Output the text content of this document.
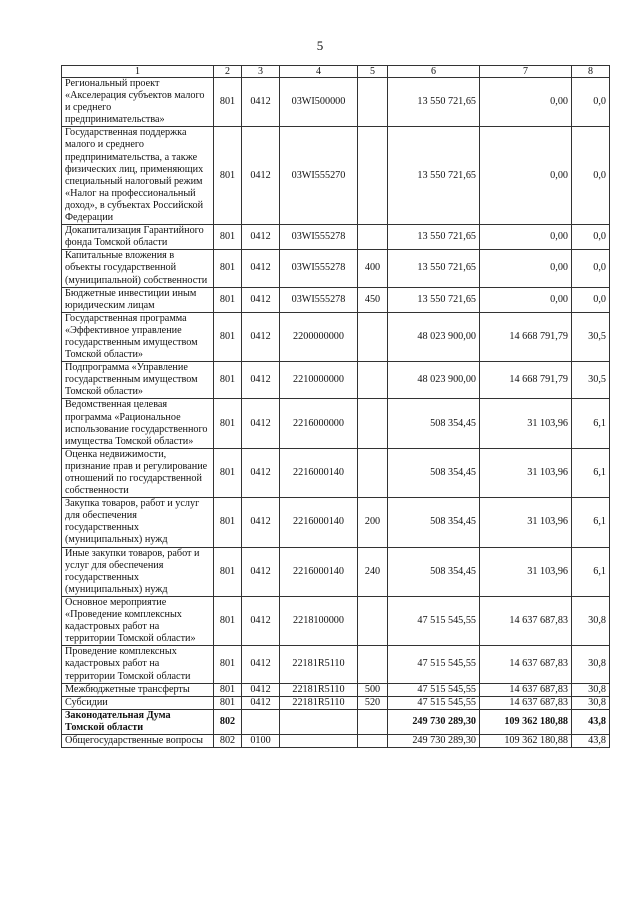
5
1	2	3	4	5	6	7	8
Региональный проект «Акселерация субъектов малого и среднего предпринимательства»	801	0412	03WI500000		13 550 721,65	0,00	0,0
Государственная поддержка малого и среднего предпринимательства, а также физических лиц, применяющих специальный налоговый режим «Налог на профессиональный доход», в субъектах Российской Федерации	801	0412	03WI555270		13 550 721,65	0,00	0,0
Докапитализация Гарантийного фонда Томской области	801	0412	03WI555278		13 550 721,65	0,00	0,0
Капитальные вложения в объекты государственной (муниципальной) собственности	801	0412	03WI555278	400	13 550 721,65	0,00	0,0
Бюджетные инвестиции иным юридическим лицам	801	0412	03WI555278	450	13 550 721,65	0,00	0,0
Государственная программа «Эффективное управление государственным имуществом Томской области»	801	0412	2200000000		48 023 900,00	14 668 791,79	30,5
Подпрограмма «Управление государственным имуществом Томской области»	801	0412	2210000000		48 023 900,00	14 668 791,79	30,5
Ведомственная целевая программа «Рациональное использование государственного имущества Томской области»	801	0412	2216000000		508 354,45	31 103,96	6,1
Оценка недвижимости, признание прав и регулирование отношений по государственной собственности	801	0412	2216000140		508 354,45	31 103,96	6,1
Закупка товаров, работ и услуг для обеспечения государственных (муниципальных) нужд	801	0412	2216000140	200	508 354,45	31 103,96	6,1
Иные закупки товаров, работ и услуг для обеспечения государственных (муниципальных) нужд	801	0412	2216000140	240	508 354,45	31 103,96	6,1
Основное мероприятие «Проведение комплексных кадастровых работ на территории Томской области»	801	0412	2218100000		47 515 545,55	14 637 687,83	30,8
Проведение комплексных кадастровых работ на территории Томской области	801	0412	22181R5110		47 515 545,55	14 637 687,83	30,8
Межбюджетные трансферты	801	0412	22181R5110	500	47 515 545,55	14 637 687,83	30,8
Субсидии	801	0412	22181R5110	520	47 515 545,55	14 637 687,83	30,8
Законодательная Дума Томской области	802				249 730 289,30	109 362 180,88	43,8
Общегосударственные вопросы	802	0100			249 730 289,30	109 362 180,88	43,8
